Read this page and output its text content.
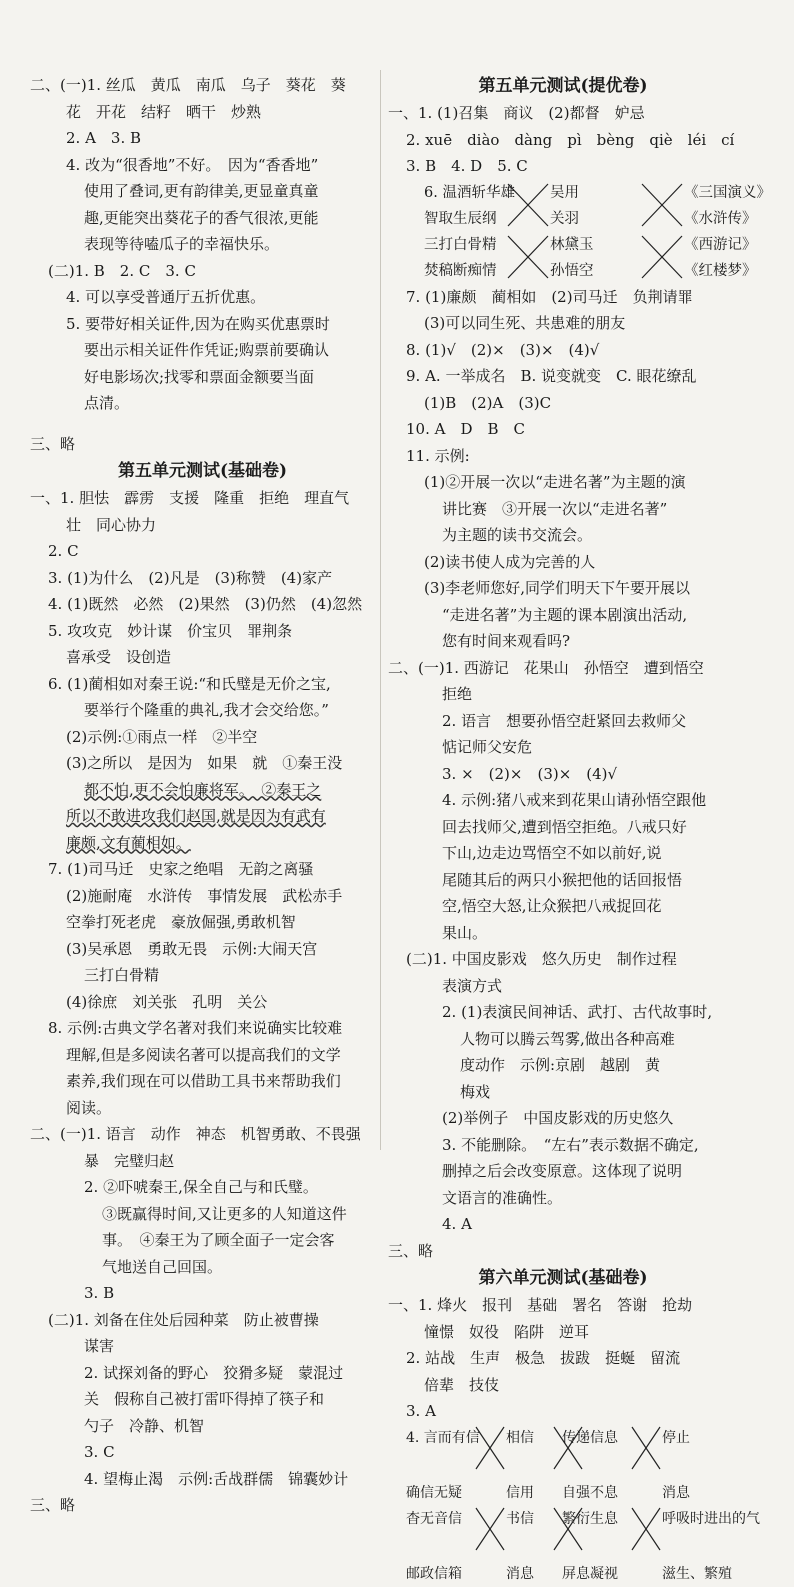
二、(一)1. 丝瓜　黄瓜　南瓜　乌子　葵花　葵
花　开花　结籽　晒干　炒熟
2. A　3. B
4. 改为“很香地”不好。　因为“香香地”
使用了叠词,更有韵律美,更显童真童
趣,更能突出葵花子的香气很浓,更能
表现等待嗑瓜子的幸福快乐。
(二)1. B　2. C　3. C
4. 可以享受普通厅五折优惠。
5. 要带好相关证件,因为在购买优惠票时
要出示相关证件作凭证;购票前要确认
好电影场次;找零和票面金额要当面
点清。
三、略
第五单元测试(基础卷)
一、1. 胆怯　霹雳　支援　隆重　拒绝　理直气
壮　同心协力
2. C
3. (1)为什么　(2)凡是　(3)称赞　(4)家产
4. (1)既然　必然　(2)果然　(3)仍然　(4)忽然
5. 攻攻克　妙计谋　价宝贝　罪荆条
喜承受　设创造
6. (1)蔺相如对秦王说:“和氏璧是无价之宝,
要举行个隆重的典礼,我才会交给您。”
(2)示例:①雨点一样　②半空
(3)之所以　是因为　如果　就　①秦王没
都不怕,更不会怕廉将军。　②秦王之
所以不敢进攻我们赵国,就是因为有武有
廉颇,文有蔺相如。
7. (1)司马迁　史家之绝唱　无韵之离骚
(2)施耐庵　水浒传　事情发展　武松赤手
空拳打死老虎　豪放倔强,勇敢机智
(3)吴承恩　勇敢无畏　示例:大闹天宫
三打白骨精
(4)徐庶　刘关张　孔明　关公
8. 示例:古典文学名著对我们来说确实比较难
理解,但是多阅读名著可以提高我们的文学
素养,我们现在可以借助工具书来帮助我们
阅读。
二、(一)1. 语言　动作　神态　机智勇敢、不畏强
暴　完璧归赵
2. ②吓唬秦王,保全自己与和氏璧。
③既赢得时间,又让更多的人知道这件
事。　④秦王为了顾全面子一定会客
气地送自己回国。
3. B
(二)1. 刘备在住处后园种菜　防止被曹操
谋害
2. 试探刘备的野心　狡猾多疑　蒙混过
关　假称自己被打雷吓得掉了筷子和
勺子　冷静、机智
3. C
4. 望梅止渴　示例:舌战群儒　锦囊妙计
三、略
第五单元测试(提优卷)
一、1. (1)召集　商议　(2)都督　妒忌
2. xuē　diào　dàng　pì　bèng　qiè　léi　cí
3. B　4. D　5. C
6. 温酒斩华雄 吴用	《三国演义》
智取生辰纲	关羽	《水浒传》
三打白骨精	林黛玉	《西游记》
焚稿断痴情	孙悟空	《红楼梦》
7. (1)廉颇　蔺相如　(2)司马迁　负荆请罪
(3)可以同生死、共患难的朋友
8. (1)√　(2)×　(3)×　(4)√
9. A. 一举成名　B. 说变就变　C. 眼花缭乱
(1)B　(2)A　(3)C
10. A　D　B　C
11. 示例:
(1)②开展一次以“走进名著”为主题的演
讲比赛　③开展一次以“走进名著”
为主题的读书交流会。
(2)读书使人成为完善的人
(3)李老师您好,同学们明天下午要开展以
“走进名著”为主题的课本剧演出活动,
您有时间来观看吗?
二、(一)1. 西游记　花果山　孙悟空　遭到悟空
拒绝
2. 语言　想要孙悟空赶紧回去救师父
惦记师父安危
3. ×　(2)×　(3)×　(4)√
4. 示例:猪八戒来到花果山请孙悟空跟他
回去找师父,遭到悟空拒绝。八戒只好
下山,边走边骂悟空不如以前好,说
尾随其后的两只小猴把他的话回报悟
空,悟空大怒,让众猴把八戒捉回花
果山。
(二)1. 中国皮影戏　悠久历史　制作过程
表演方式
2. (1)表演民间神话、武打、古代故事时,
人物可以腾云驾雾,做出各种高难
度动作　示例:京剧　越剧　黄
梅戏
(2)举例子　中国皮影戏的历史悠久
3. 不能删除。　“左右”表示数据不确定,
删掉之后会改变原意。这体现了说明
文语言的准确性。
4. A
三、略
第六单元测试(基础卷)
一、1. 烽火　报刊　基础　署名　答谢　抢劫
憧憬　奴役　陷阱　逆耳
2. 站战　生声　极急　拔跋　挺蜒　留流
倍辈　技伎
3. A
4. 言而有信 相信	传递信息	停止
确信无疑	信用	自强不息	消息
杳无音信	书信	繁衍生息	呼吸时进出的气
邮政信箱	消息	屏息凝视	滋生、繁殖
